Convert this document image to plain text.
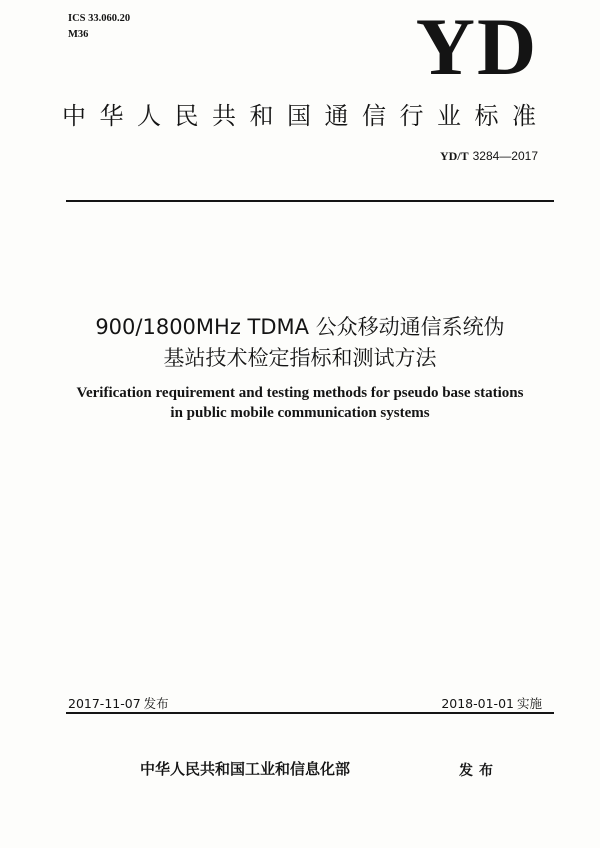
ICS 33.060.20
M36	YD
中华人民共和国通信行业标准
YD/T 3284—2017
900/1800MHz TDMA 公众移动通信系统伪
基站技术检定指标和测试方法
Verification requirement and testing methods for pseudo base stations
in public mobile communication systems
2017-11-07 发布	2018-01-01 实施
中华人民共和国工业和信息化部	发布
